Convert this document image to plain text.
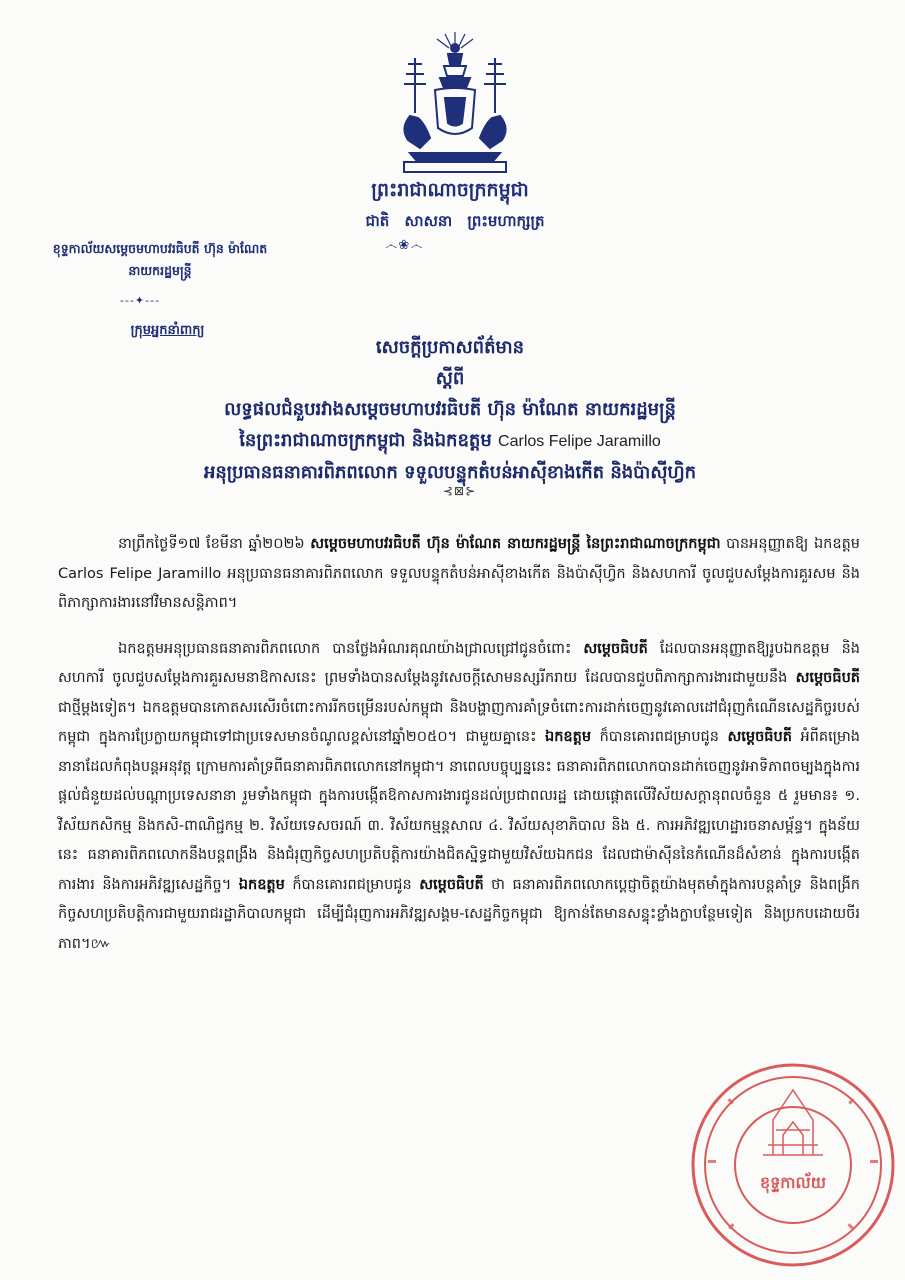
ព្រះរាជាណាចក្រកម្ពុជា
ជាតិ សាសនា ព្រះមហាក្សត្រ
෴❀෴
ខុទ្ទកាល័យសម្តេចមហាបវរធិបតី ហ៊ុន ម៉ាណែត
នាយករដ្ឋមន្ត្រី
---✦---
ក្រុមអ្នកនាំពាក្យ
សេចក្តីប្រកាសព័ត៌មាន
ស្តីពី
លទ្ធផលជំនួបរវាងសម្តេចមហាបវរធិបតី ហ៊ុន ម៉ាណែត នាយករដ្ឋមន្ត្រី
នៃព្រះរាជាណាចក្រកម្ពុជា និងឯកឧត្តម Carlos Felipe Jaramillo
អនុប្រធានធនាគារពិភពលោក ទទួលបន្ទុកតំបន់អាស៊ីខាងកើត និងប៉ាស៊ីហ្វិក
⊰⊠⊱

នាព្រឹកថ្ងៃទី១៧ ខែមីនា ឆ្នាំ២០២៦ សម្តេចមហាបវរធិបតី ហ៊ុន ម៉ាណែត នាយករដ្ឋមន្ត្រី នៃព្រះរាជាណាចក្រកម្ពុជា បានអនុញ្ញាតឱ្យ ឯកឧត្តម Carlos Felipe Jaramillo អនុប្រធានធនាគារពិភពលោក ទទួលបន្ទុកតំបន់អាស៊ីខាងកើត និងប៉ាស៊ីហ្វិក និងសហការី ចូលជួបសម្តែងការគួរសម និងពិភាក្សាការងារនៅវិមានសន្តិភាព។

ឯកឧត្តមអនុប្រធានធនាគារពិភពលោក បានថ្លែងអំណរគុណយ៉ាងជ្រាលជ្រៅជូនចំពោះ សម្តេចធិបតី ដែលបានអនុញ្ញាតឱ្យរូបឯកឧត្តម និងសហការី ចូលជួបសម្តែងការគួរសមនាឱកាសនេះ ព្រមទាំងបានសម្តែងនូវសេចក្តីសោមនស្សរីករាយ ដែលបានជួបពិភាក្សាការងារជាមួយនឹង សម្តេចធិបតី ជាថ្មីម្តងទៀត។ ឯកឧត្តមបានកោតសរសើរចំពោះការរីកចម្រើនរបស់កម្ពុជា និងបង្ហាញការគាំទ្រចំពោះការដាក់ចេញនូវគោលដៅជំរុញកំណើនសេដ្ឋកិច្ចរបស់កម្ពុជា ក្នុងការប្រែក្លាយកម្ពុជាទៅជាប្រទេសមានចំណូលខ្ពស់នៅឆ្នាំ២០៥០។ ជាមួយគ្នានេះ ឯកឧត្តម ក៏បានគោរពជម្រាបជូន សម្តេចធិបតី អំពីគម្រោងនានាដែលកំពុងបន្តអនុវត្ត ក្រោមការគាំទ្រពីធនាគារពិភពលោកនៅកម្ពុជា។ នាពេលបច្ចុប្បន្ននេះ ធនាគារពិភពលោកបានដាក់ចេញនូវអាទិភាពចម្បងក្នុងការផ្តល់ជំនួយដល់បណ្តាប្រទេសនានា រួមទាំងកម្ពុជា ក្នុងការបង្កើតឱកាសការងារជូនដល់ប្រជាពលរដ្ឋ ដោយផ្តោតលើវិស័យសក្តានុពលចំនួន ៥ រួមមាន៖ ១. វិស័យកសិកម្ម និងកសិ-ពាណិជ្ជកម្ម ២. វិស័យទេសចរណ៍ ៣. វិស័យកម្មន្តសាល ៤. វិស័យសុខាភិបាល និង ៥. ការអភិវឌ្ឍហេដ្ឋារចនាសម្ព័ន្ធ។ ក្នុងន័យនេះ ធនាគារពិភពលោកនឹងបន្តពង្រឹង និងជំរុញកិច្ចសហប្រតិបត្តិការយ៉ាងជិតស្និទ្ធជាមួយវិស័យឯកជន ដែលជាម៉ាស៊ីននៃកំណើនដ៏សំខាន់ ក្នុងការបង្កើតការងារ និងការអភិវឌ្ឍសេដ្ឋកិច្ច។ ឯកឧត្តម ក៏បានគោរពជម្រាបជូន សម្តេចធិបតី ថា ធនាគារពិភពលោកប្តេជ្ញាចិត្តយ៉ាងមុតមាំក្នុងការបន្តគាំទ្រ និងពង្រីកកិច្ចសហប្រតិបត្តិការជាមួយរាជរដ្ឋាភិបាលកម្ពុជា ដើម្បីជំរុញការអភិវឌ្ឍសង្គម-សេដ្ឋកិច្ចកម្ពុជា ឱ្យកាន់តែមានសន្ទុះខ្លាំងក្លាបន្ថែមទៀត និងប្រកបដោយចីរភាព។៚

ខុទ្ទកាល័យ
